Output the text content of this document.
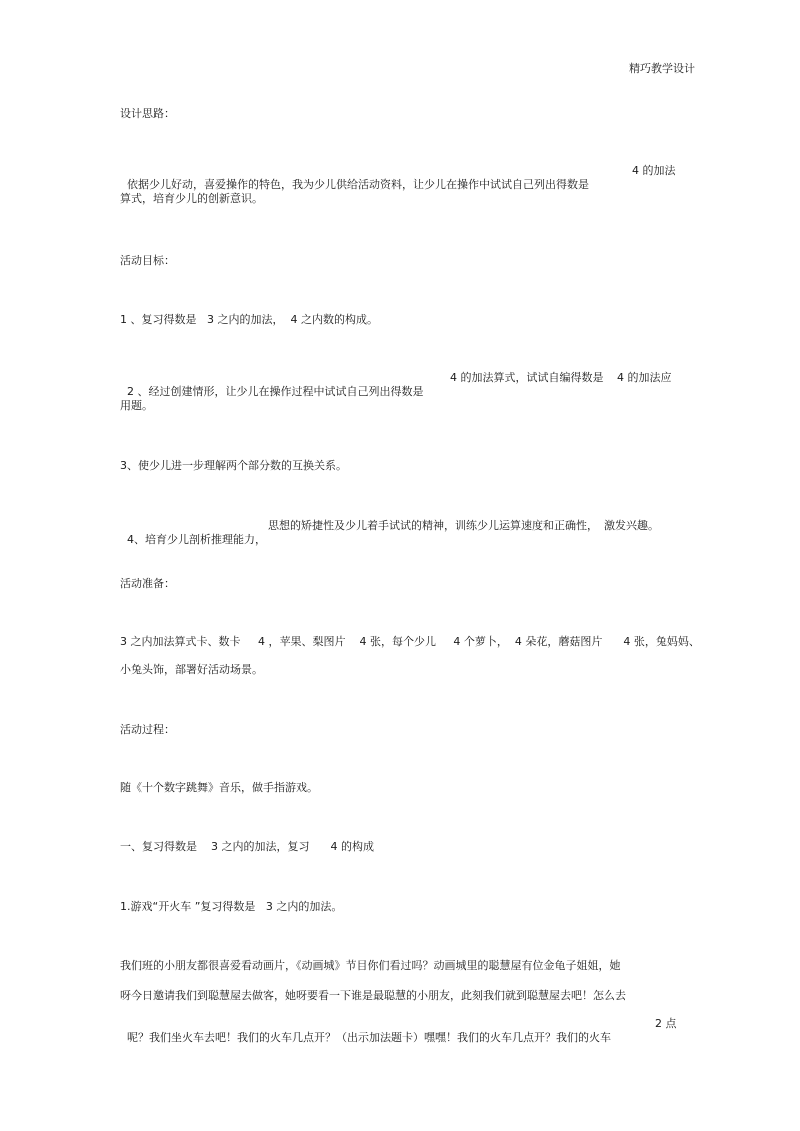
精巧教学设计
设计思路：

依据少儿好动，喜爱操作的特色，我为少儿供给活动资料，让少儿在操作中试试自己列出得数是

4 的加法

算式，培育少儿的创新意识。
活动目标：
1 、复习得数是   3 之内的加法，  4 之内数的构成。

2 、经过创建情形，让少儿在操作过程中试试自己列出得数是

4 的加法算式，试试自编得数是

4 的加法应

用题。
3、使少儿进一步理解两个部分数的互换关系。

4、培育少儿剖析推理能力，

思想的矫捷性及少儿着手试试的精神，训练少儿运算速度和正确性，

激发兴趣。

活动准备：
3 之内加法算式卡、数卡     4 ，苹果、梨图片    4 张，每个少儿     4 个萝卜，  4 朵花，蘑菇图片      4 张，兔妈妈、
小兔头饰，部署好活动场景。
活动过程：
随《十个数字跳舞》音乐，做手指游戏。
一、复习得数是    3 之内的加法，复习      4 的构成
1.游戏“开火车 ”复习得数是   3 之内的加法。
我们班的小朋友都很喜爱看动画片，《动画城》节目你们看过吗？动画城里的聪慧屋有位金龟子姐姐，她
呀今日邀请我们到聪慧屋去做客，她呀要看一下谁是最聪慧的小朋友，此刻我们就到聪慧屋去吧！怎么去

呢？我们坐火车去吧！我们的火车几点开？（出示加法题卡）嘿嘿！我们的火车几点开？我们的火车

2 点
